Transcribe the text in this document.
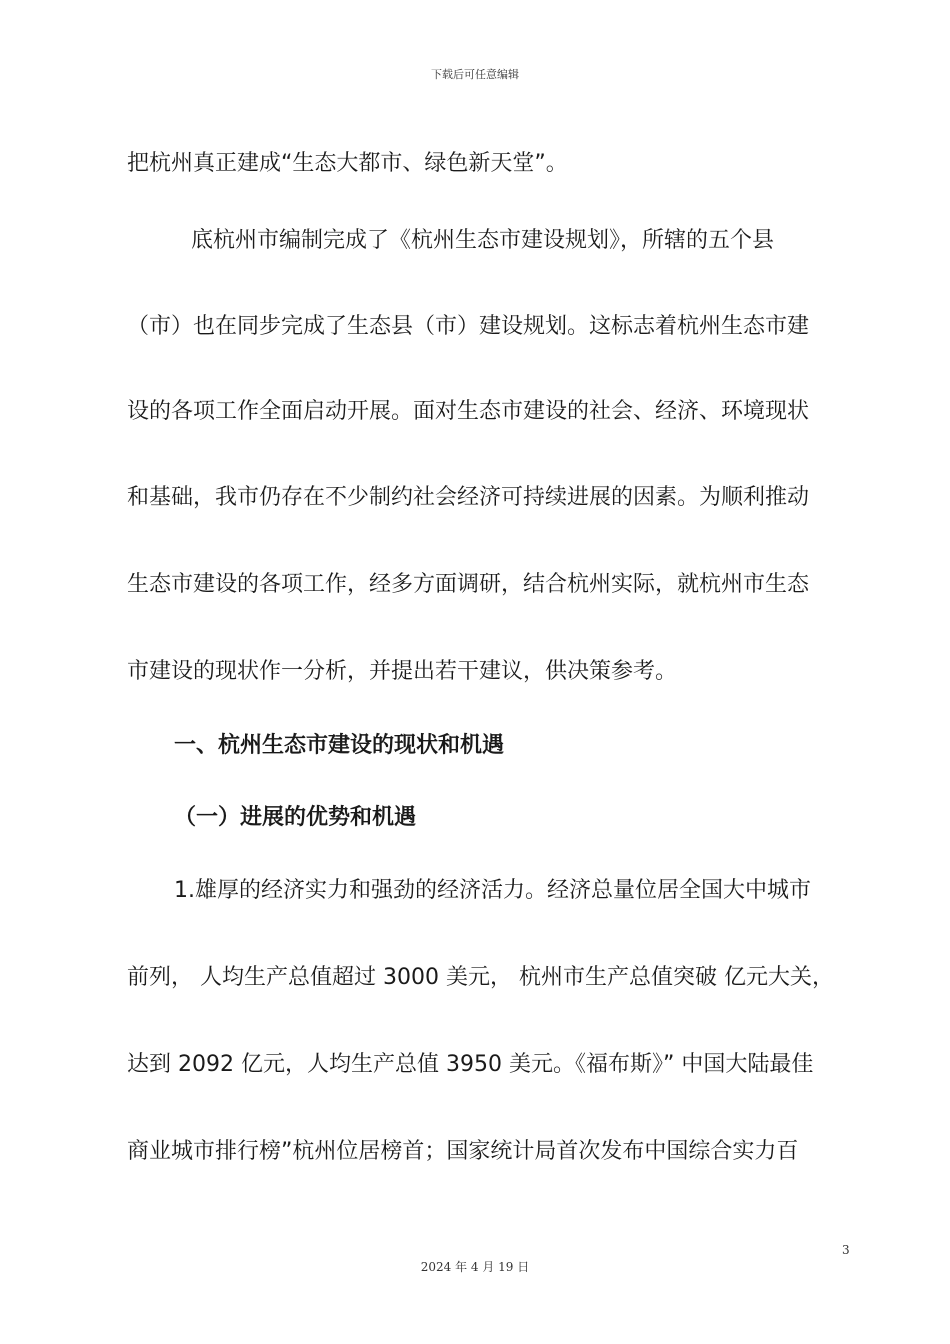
下载后可任意编辑
把杭州真正建成“生态大都市、绿色新天堂”。
底杭州市编制完成了《杭州生态市建设规划》，所辖的五个县
（市）也在同步完成了生态县（市）建设规划。这标志着杭州生态市建
设的各项工作全面启动开展。面对生态市建设的社会、经济、环境现状
和基础，我市仍存在不少制约社会经济可持续进展的因素。为顺利推动
生态市建设的各项工作，经多方面调研，结合杭州实际，就杭州市生态
市建设的现状作一分析，并提出若干建议，供决策参考。
一、杭州生态市建设的现状和机遇
（一）进展的优势和机遇
1.雄厚的经济实力和强劲的经济活力。经济总量位居全国大中城市
前列， 人均生产总值超过 3000 美元， 杭州市生产总值突破 亿元大关，
达到 2092 亿元，人均生产总值 3950 美元。《福布斯》” 中国大陆最佳
商业城市排行榜”杭州位居榜首；国家统计局首次发布中国综合实力百
3
2024 年 4 月 19 日
